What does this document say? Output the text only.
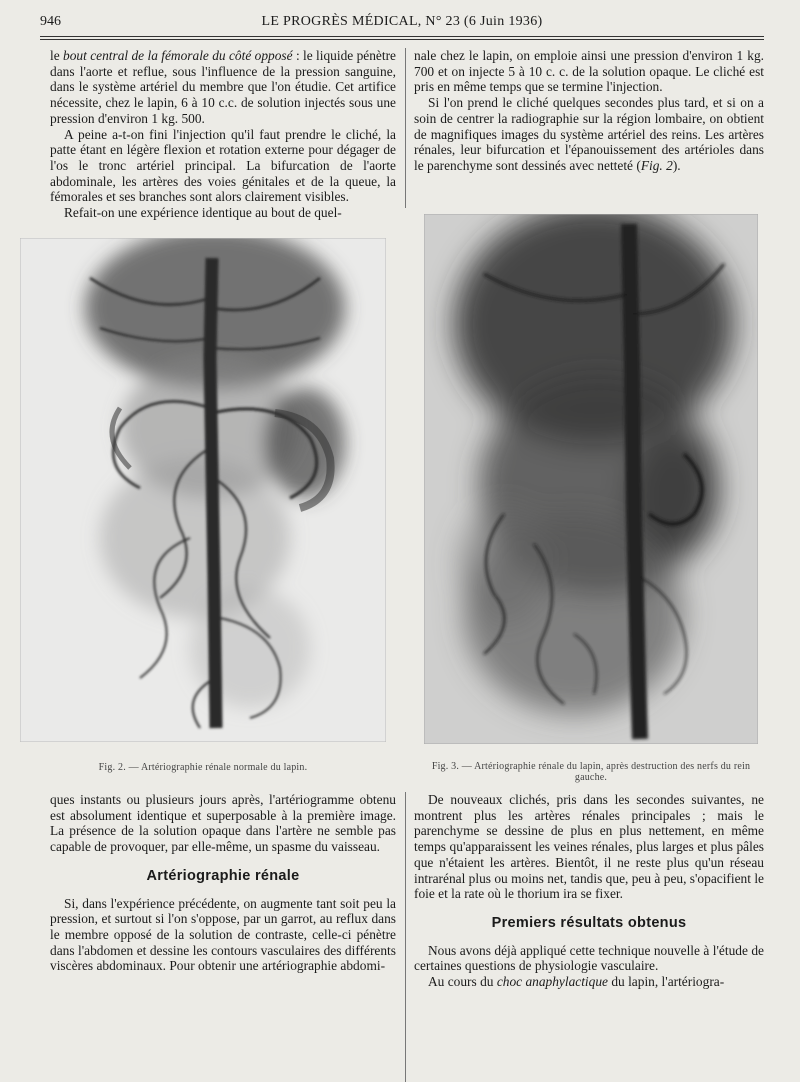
946	LE PROGRÈS MÉDICAL, N° 23 (6 Juin 1936)

le bout central de la fémorale du côté opposé : le liquide pénètre dans l'aorte et reflue, sous l'influence de la pression sanguine, dans le système artériel du membre que l'on étudie. Cet artifice nécessite, chez le lapin, 6 à 10 c.c. de solution injectés sous une pression d'environ 1 kg. 500.

A peine a-t-on fini l'injection qu'il faut prendre le cliché, la patte étant en légère flexion et rotation externe pour dégager de l'os le tronc artériel principal. La bifurcation de l'aorte abdominale, les artères des voies génitales et de la queue, la fémorales et ses branches sont alors clairement visibles.

Refait-on une expérience identique au bout de quel-

nale chez le lapin, on emploie ainsi une pression d'environ 1 kg. 700 et on injecte 5 à 10 c. c. de la solution opaque. Le cliché est pris en même temps que se termine l'injection.

Si l'on prend le cliché quelques secondes plus tard, et si on a soin de centrer la radiographie sur la région lombaire, on obtient de magnifiques images du système artériel des reins. Les artères rénales, leur bifurcation et l'épanouissement des artérioles dans le parenchyme sont dessinés avec netteté (Fig. 2).

Fig. 2. — Artériographie rénale normale du lapin.	Fig. 3. — Artériographie rénale du lapin, après destruction des nerfs du rein gauche.

ques instants ou plusieurs jours après, l'artériogramme obtenu est absolument identique et superposable à la première image. La présence de la solution opaque dans l'artère ne semble pas capable de provoquer, par elle-même, un spasme du vaisseau.

Artériographie rénale

Si, dans l'expérience précédente, on augmente tant soit peu la pression, et surtout si l'on s'oppose, par un garrot, au reflux dans le membre opposé de la solution de contraste, celle-ci pénètre dans l'abdomen et dessine les contours vasculaires des différents viscères abdominaux. Pour obtenir une artériographie abdomi-

De nouveaux clichés, pris dans les secondes suivantes, ne montrent plus les artères rénales principales ; mais le parenchyme se dessine de plus en plus nettement, en même temps qu'apparaissent les veines rénales, plus larges et plus pâles que n'étaient les artères. Bientôt, il ne reste plus qu'un réseau intrarénal plus ou moins net, tandis que, peu à peu, s'opacifient le foie et la rate où le thorium ira se fixer.

Premiers résultats obtenus

Nous avons déjà appliqué cette technique nouvelle à l'étude de certaines questions de physiologie vasculaire.

Au cours du choc anaphylactique du lapin, l'artériogra-
